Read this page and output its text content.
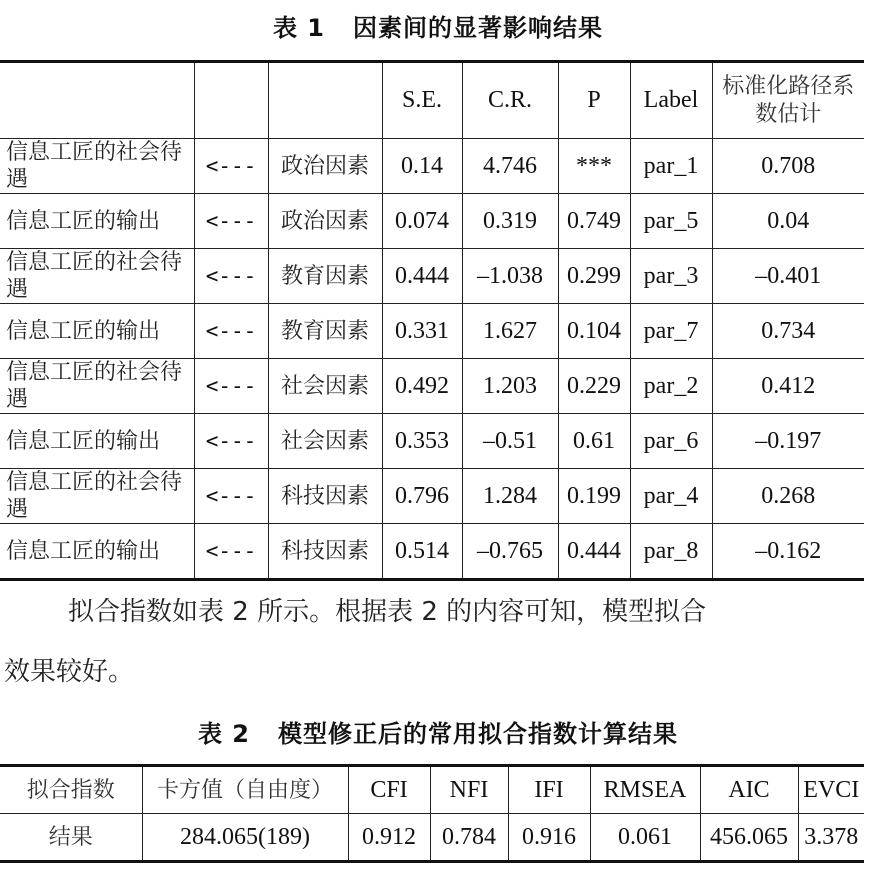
表 1   因素间的显著影响结果
			S.E.	C.R.	P	Label	标准化路径系数估计
信息工匠的社会待遇	<---	政治因素	0.14	4.746	***	par_1	0.708
信息工匠的输出	<---	政治因素	0.074	0.319	0.749	par_5	0.04
信息工匠的社会待遇	<---	教育因素	0.444	–1.038	0.299	par_3	–0.401
信息工匠的输出	<---	教育因素	0.331	1.627	0.104	par_7	0.734
信息工匠的社会待遇	<---	社会因素	0.492	1.203	0.229	par_2	0.412
信息工匠的输出	<---	社会因素	0.353	–0.51	0.61	par_6	–0.197
信息工匠的社会待遇	<---	科技因素	0.796	1.284	0.199	par_4	0.268
信息工匠的输出	<---	科技因素	0.514	–0.765	0.444	par_8	–0.162
拟合指数如表 2 所示。根据表 2 的内容可知，模型拟合
效果较好。
表 2   模型修正后的常用拟合指数计算结果
拟合指数	卡方值（自由度）	CFI	NFI	IFI	RMSEA	AIC	EVCI
结果	284.065(189)	0.912	0.784	0.916	0.061	456.065	3.378
